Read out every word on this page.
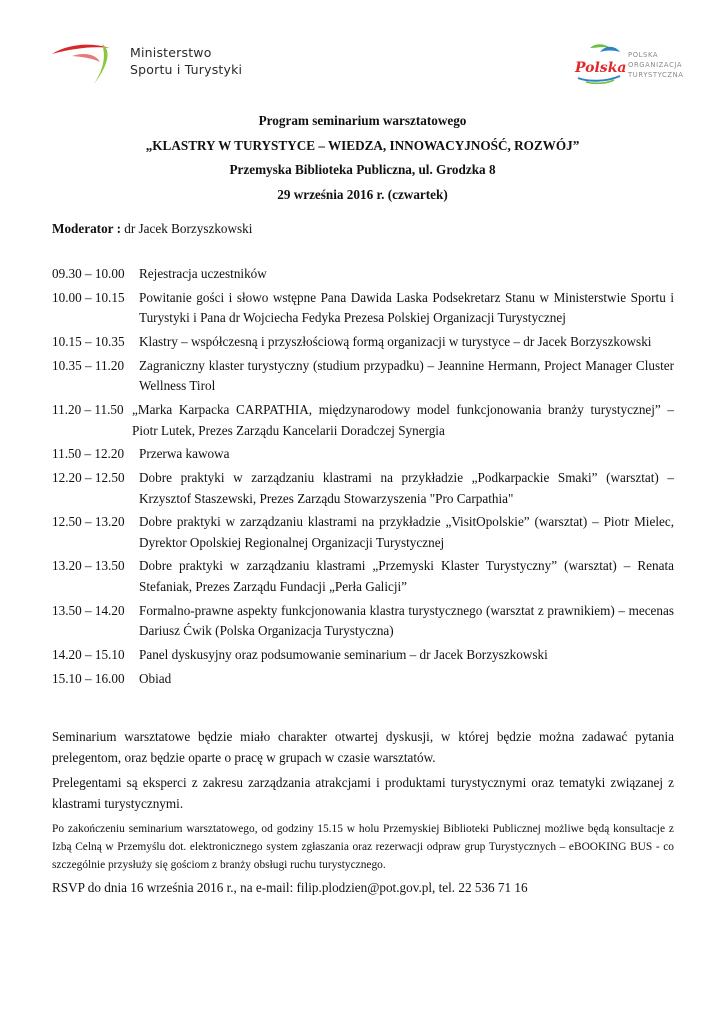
Ministerstwo
Sportu i Turystyki	Polska
POLSKA
ORGANIZACJA
TURYSTYCZNA
Program seminarium warsztatowego
„KLASTRY W TURYSTYCE – WIEDZA, INNOWACYJNOŚĆ, ROZWÓJ”
Przemyska Biblioteka Publiczna, ul. Grodzka 8
29 września 2016 r. (czwartek)
Moderator : dr Jacek Borzyszkowski
09.30 – 10.00	Rejestracja uczestników
10.00 – 10.15	Powitanie gości i słowo wstępne Pana Dawida Laska Podsekretarz Stanu w Ministerstwie Sportu i Turystyki i Pana dr Wojciecha Fedyka Prezesa Polskiej Organizacji Turystycznej
10.15 – 10.35	Klastry – współczesną i przyszłościową formą organizacji w turystyce – dr Jacek Borzyszkowski
10.35 – 11.20	Zagraniczny klaster turystyczny (studium przypadku) – Jeannine Hermann, Project Manager Cluster Wellness Tirol
11.20 – 11.50 „Marka Karpacka CARPATHIA, międzynarodowy model funkcjonowania branży turystycznej” – Piotr Lutek, Prezes Zarządu Kancelarii Doradczej Synergia
11.50 – 12.20	Przerwa kawowa
12.20 – 12.50	Dobre praktyki w zarządzaniu klastrami na przykładzie „Podkarpackie Smaki” (warsztat) – Krzysztof Staszewski, Prezes Zarządu Stowarzyszenia "Pro Carpathia"
12.50 – 13.20	Dobre praktyki w zarządzaniu klastrami na przykładzie „VisitOpolskie” (warsztat) – Piotr Mielec, Dyrektor Opolskiej Regionalnej Organizacji Turystycznej
13.20 – 13.50	Dobre praktyki w zarządzaniu klastrami „Przemyski Klaster Turystyczny” (warsztat) – Renata Stefaniak, Prezes Zarządu Fundacji „Perła Galicji”
13.50 – 14.20	Formalno-prawne aspekty funkcjonowania klastra turystycznego (warsztat z prawnikiem) – mecenas Dariusz Ćwik (Polska Organizacja Turystyczna)
14.20 – 15.10	Panel dyskusyjny oraz podsumowanie seminarium – dr Jacek Borzyszkowski
15.10 – 16.00	Obiad
Seminarium warsztatowe będzie miało charakter otwartej dyskusji, w której będzie można zadawać pytania prelegentom, oraz będzie oparte o pracę w grupach w czasie warsztatów.
Prelegentami są eksperci z zakresu zarządzania atrakcjami i produktami turystycznymi oraz tematyki związanej z klastrami turystycznymi.
Po zakończeniu seminarium warsztatowego, od godziny 15.15 w holu Przemyskiej Biblioteki Publicznej możliwe będą konsultacje z Izbą Celną w Przemyślu dot. elektronicznego system zgłaszania oraz rezerwacji odpraw grup Turystycznych – eBOOKING BUS - co szczególnie przysłuży się gościom z branży obsługi ruchu turystycznego.
RSVP do dnia 16 września 2016 r., na e-mail: filip.plodzien@pot.gov.pl, tel. 22 536 71 16
